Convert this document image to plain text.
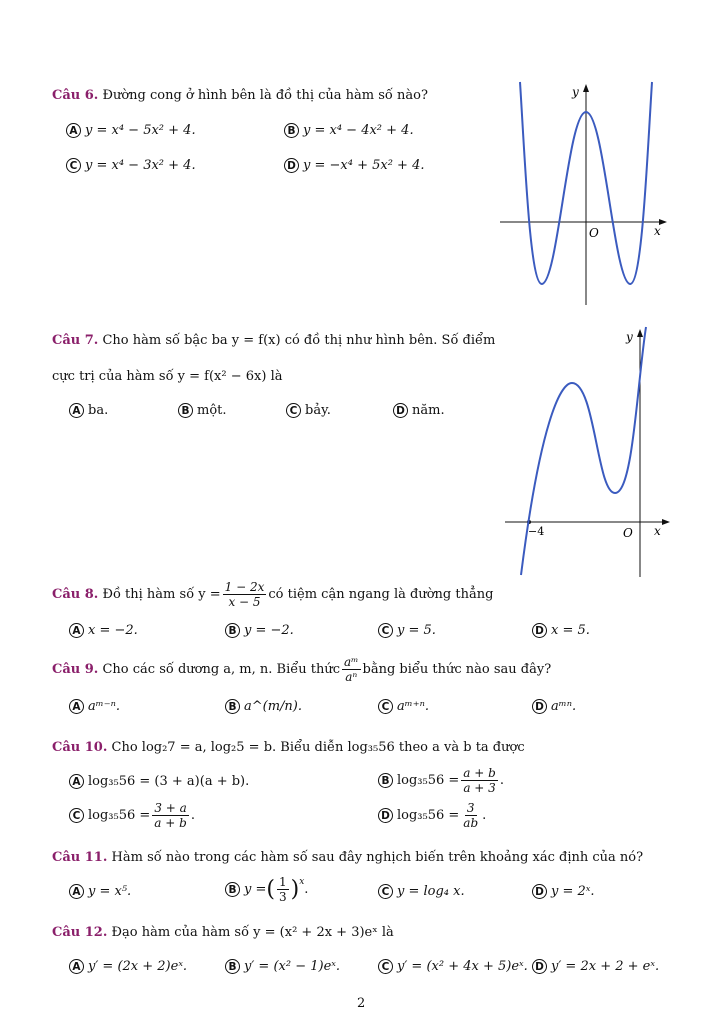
Câu 6. Đường cong ở hình bên là đồ thị của hàm số nào?
A y = x⁴ − 5x² + 4.	B y = x⁴ − 4x² + 4.
C y = x⁴ − 3x² + 4.	D y = −x⁴ + 5x² + 4.
y
x
O
Câu 7. Cho hàm số bậc ba y = f(x) có đồ thị như hình bên. Số điểm
cực trị của hàm số y = f(x² − 6x) là
A ba.	B một.	C bảy.	D năm.
y
x
O
−4
Câu 8.
Đồ thị hàm số $y = \frac{1 - 2x}{x - 5}$ có tiệm cận ngang là đường thẳng
A x = −2.	B y = −2.	C y = 5.	D x = 5.
Câu 9.
Cho các số dương a, m, n. Biểu thức $\frac{\text{aᵐ}}{\text{aⁿ}}$ bằng biểu thức nào sau đây?
A aᵐ⁻ⁿ.	B a^(m/n).	C aᵐ⁺ⁿ.	D aᵐⁿ.
Câu 10. Cho log₂7 = a, log₂5 = b. Biểu diễn log₃₅56 theo a và b ta được
A log₃₅56 = (3 + a)(a + b).	B $\log_{35}56 = \frac{a + b}{a + 3}$ .
C $\log_{35}56 = \frac{3 + a}{a + b}$ .	D $\log_{35}56 = \frac{3}{ab}$ .
Câu 11. Hàm số nào trong các hàm số sau đây nghịch biến trên khoảng xác định của nó?
A y = x⁵.	B y = ( $\frac{1}{3}$ ) x .	C y = log₄ x.	D y = 2ˣ.
Câu 12. Đạo hàm của hàm số y = (x² + 2x + 3)eˣ là
A y′ = (2x + 2)eˣ.	B y′ = (x² − 1)eˣ.	C y′ = (x² + 4x + 5)eˣ. D y′ = 2x + 2 + eˣ.
2
